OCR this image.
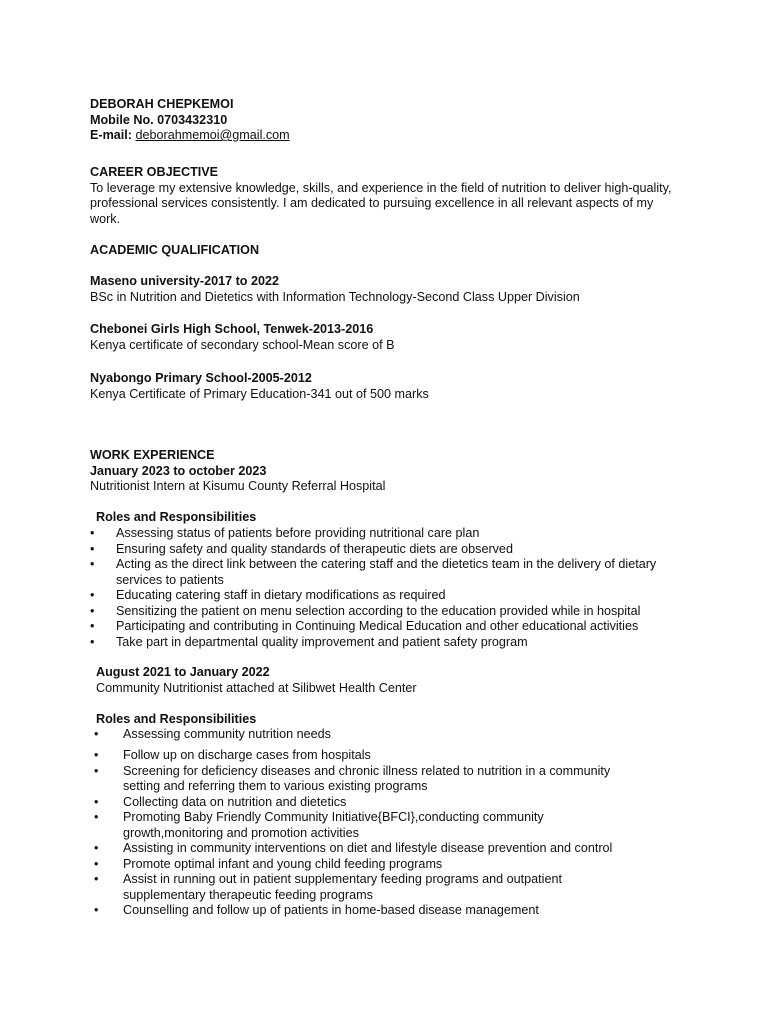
DEBORAH CHEPKEMOI

Mobile No. 0703432310

E-mail: deborahmemoi@gmail.com

CAREER OBJECTIVE

To leverage my extensive knowledge, skills, and experience in the field of nutrition to deliver high-quality, professional services consistently. I am dedicated to pursuing excellence in all relevant aspects of my work.

ACADEMIC QUALIFICATION

Maseno university-2017 to 2022

BSc in Nutrition and Dietetics with Information Technology-Second Class Upper Division

Chebonei Girls High School, Tenwek-2013-2016

Kenya certificate of secondary school-Mean score of B

Nyabongo Primary School-2005-2012

Kenya Certificate of Primary Education-341 out of 500 marks

WORK EXPERIENCE

January 2023 to october 2023

Nutritionist Intern at Kisumu County Referral Hospital

Roles and Responsibilities

• Assessing status of patients before providing nutritional care plan
• Ensuring safety and quality standards of therapeutic diets are observed
• Acting as the direct link between the catering staff and the dietetics team in the delivery of dietary services to patients
• Educating catering staff in dietary modifications as required
• Sensitizing the patient on menu selection according to the education provided while in hospital
• Participating and contributing in Continuing Medical Education and other educational activities
• Take part in departmental quality improvement and patient safety program

August 2021 to January 2022

Community Nutritionist attached at Silibwet Health Center

Roles and Responsibilities

• Assessing community nutrition needs
• Follow up on discharge cases from hospitals
• Screening for deficiency diseases and chronic illness related to nutrition in a community setting and referring them to various existing programs
• Collecting data on nutrition and dietetics
• Promoting Baby Friendly Community Initiative{BFCI},conducting community growth,monitoring and promotion activities
• Assisting in community interventions on diet and lifestyle disease prevention and control
• Promote optimal infant and young child feeding programs
• Assist in running out in patient supplementary feeding programs and outpatient supplementary therapeutic feeding programs
• Counselling and follow up of patients in home-based disease management
